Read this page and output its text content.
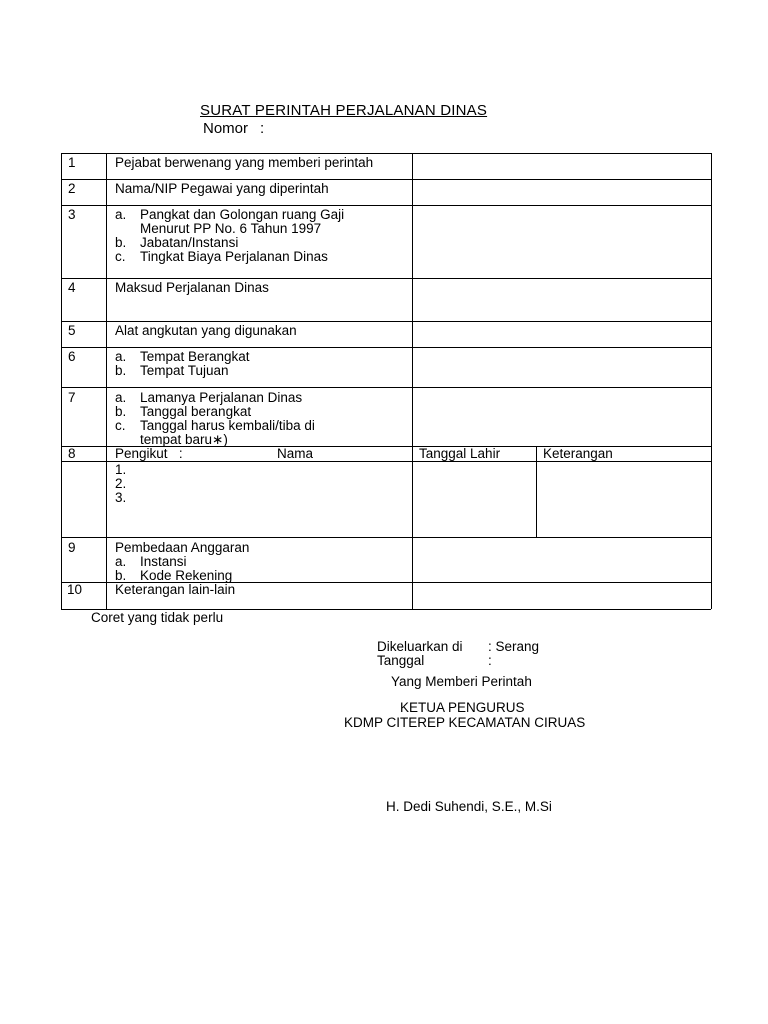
SURAT PERINTAH PERJALANAN DINAS
Nomor :
1	Pejabat berwenang yang memberi perintah
2	Nama/NIP Pegawai yang diperintah
3	a. Pangkat dan Golongan ruang Gaji
Menurut PP No. 6 Tahun 1997
b. Jabatan/Instansi
c. Tingkat Biaya Perjalanan Dinas
4	Maksud Perjalanan Dinas
5	Alat angkutan yang digunakan
6	a. Tempat Berangkat
b. Tempat Tujuan
7	a. Lamanya Perjalanan Dinas
b. Tanggal berangkat
c. Tanggal harus kembali/tiba di
tempat baru∗)
8	Pengikut :	Nama	Tanggal Lahir	Keterangan
1.
2.
3.
9	Pembedaan Anggaran
a. Instansi
b. Kode Rekening
10 Keterangan lain-lain
Coret yang tidak perlu
Dikeluarkan di : Serang
Tanggal	:
Yang Memberi Perintah
KETUA PENGURUS
KDMP CITEREP KECAMATAN CIRUAS
H. Dedi Suhendi, S.E., M.Si
